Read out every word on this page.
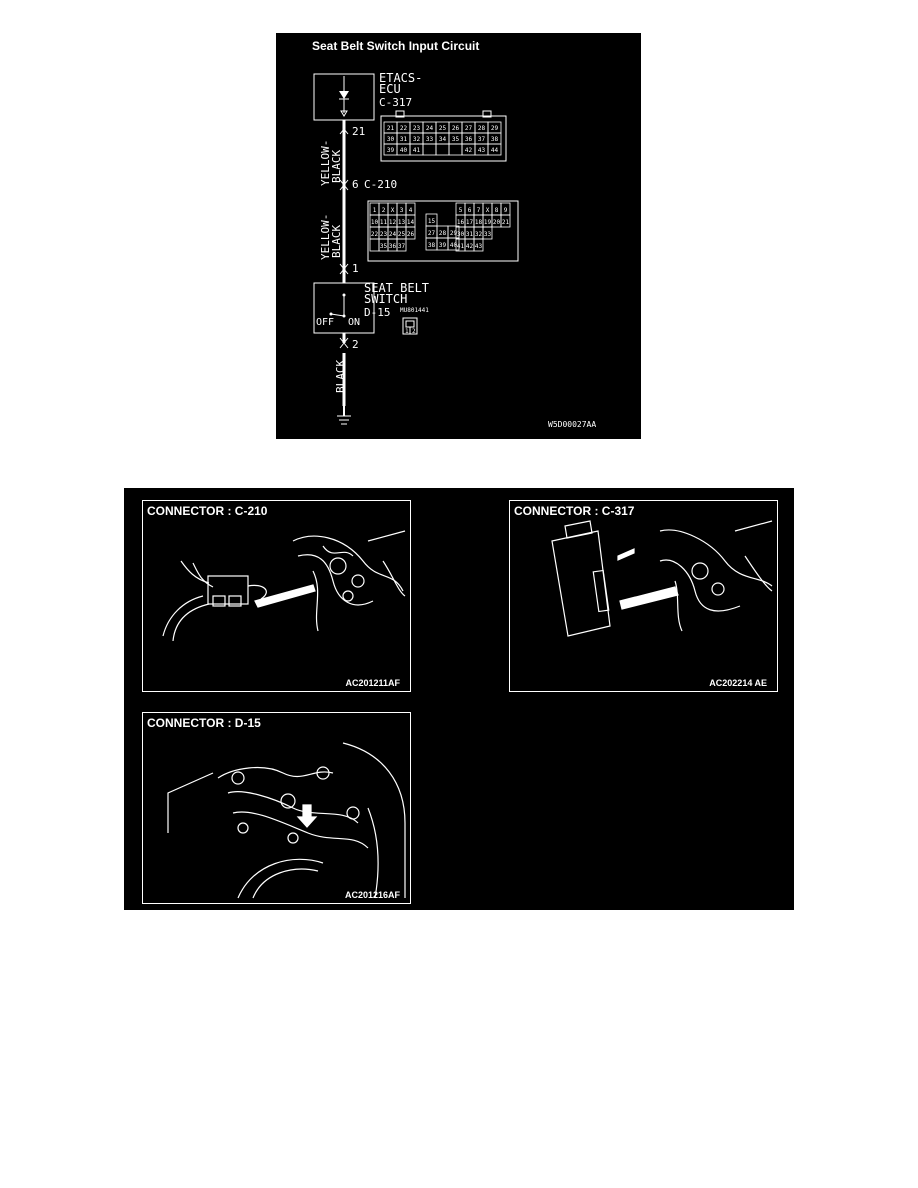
Seat Belt Switch Input Circuit
21 22 23 24 25 26 27 28 29
30 31 32 33 34 35 36 37 38
39 40 41	42 43 44
1 2 X 3 4
10 11 12 13 14
22 23 24 25 26
35 36 37
15
27 28 29
38 39 40
5 6 7 X 8 9
16 17 18 19 20 21
30 31 32 33
41 42 43
1 2
ETACS-
ECU
C-317
21
YELLOW-
BLACK
6 C-210
YELLOW-
BLACK
1
SEAT BELT
SWITCH
D-15 MU801441
OFF ON
2
BLACK
W5D00027AA
CONNECTOR : C-210
AC201211AF
CONNECTOR : C-317
AC202214 AE
CONNECTOR : D-15
AC201216AF
